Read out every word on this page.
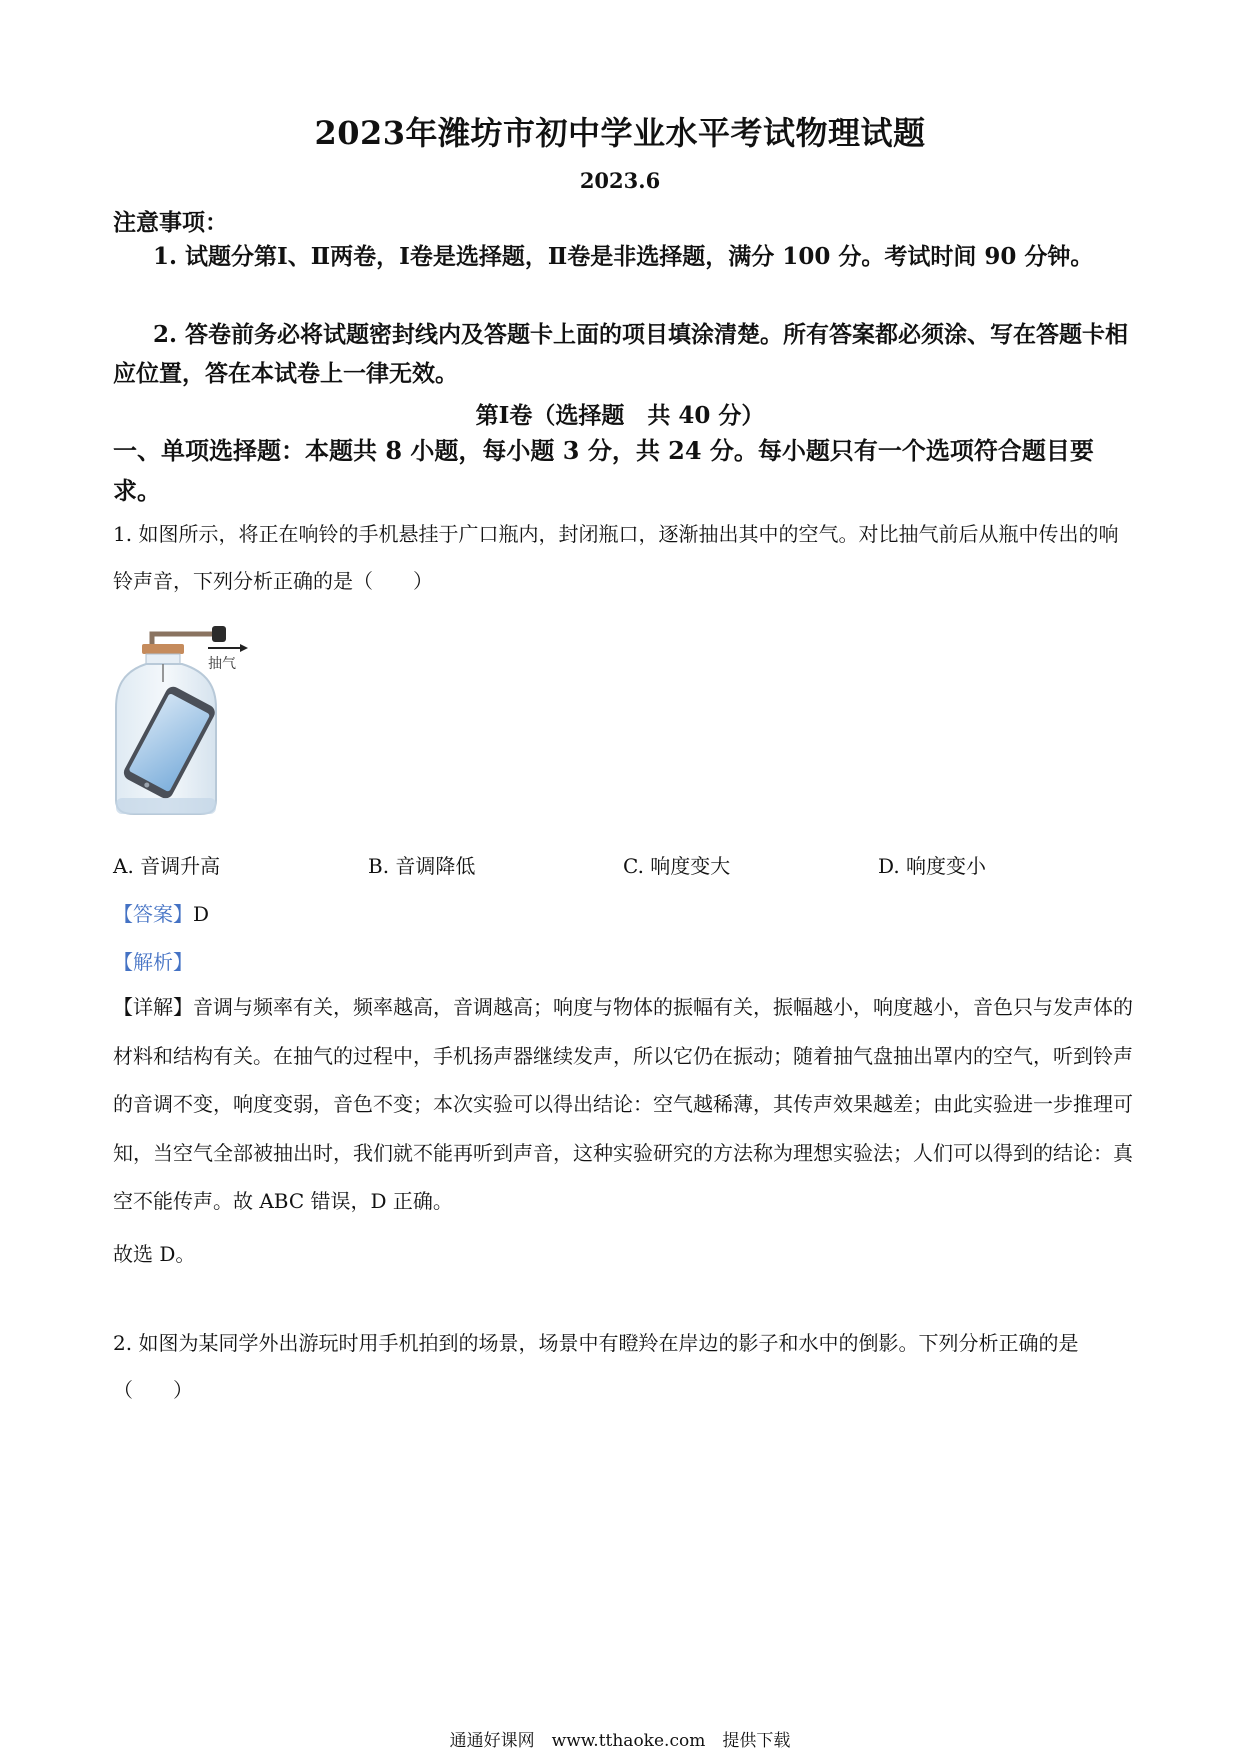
2023年潍坊市初中学业水平考试物理试题
2023.6
注意事项：
1. 试题分第Ⅰ、Ⅱ两卷，Ⅰ卷是选择题，Ⅱ卷是非选择题，满分 100 分。考试时间 90 分钟。
2. 答卷前务必将试题密封线内及答题卡上面的项目填涂清楚。所有答案都必须涂、写在答题卡相应位置，答在本试卷上一律无效。
第Ⅰ卷（选择题　共 40 分）
一、单项选择题：本题共 8 小题，每小题 3 分，共 24 分。每小题只有一个选项符合题目要求。
1. 如图所示，将正在响铃的手机悬挂于广口瓶内，封闭瓶口，逐渐抽出其中的空气。对比抽气前后从瓶中传出的响铃声音，下列分析正确的是（　　）
抽气
A. 音调升高	B. 音调降低	C. 响度变大	D. 响度变小
【答案】D
【解析】
【详解】音调与频率有关，频率越高，音调越高；响度与物体的振幅有关，振幅越小，响度越小，音色只与发声体的材料和结构有关。在抽气的过程中，手机扬声器继续发声，所以它仍在振动；随着抽气盘抽出罩内的空气，听到铃声的音调不变，响度变弱，音色不变；本次实验可以得出结论：空气越稀薄，其传声效果越差；由此实验进一步推理可知，当空气全部被抽出时，我们就不能再听到声音，这种实验研究的方法称为理想实验法；人们可以得到的结论：真空不能传声。故 ABC 错误，D 正确。
故选 D。
2. 如图为某同学外出游玩时用手机拍到的场景，场景中有瞪羚在岸边的影子和水中的倒影。下列分析正确的是（　　）
通通好课网　www.tthaoke.com　提供下载
